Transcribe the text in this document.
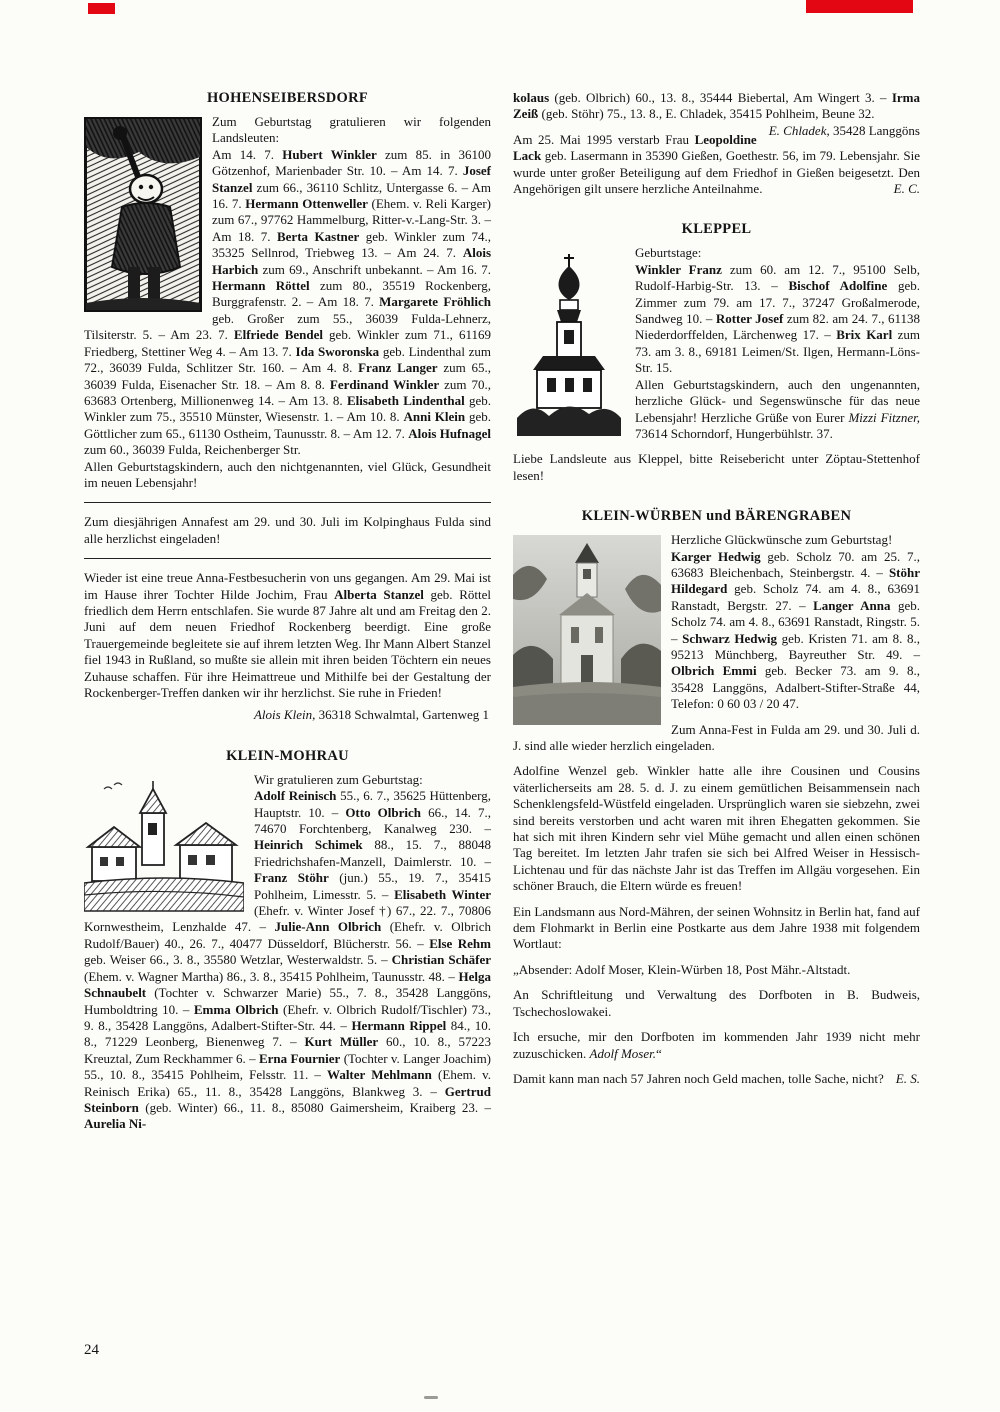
HOHENSEIBERSDORF
Zum Geburtstag gratulieren wir folgenden Landsleuten:
Am 14. 7. Hubert Winkler zum 85. in 36100 Götzenhof, Marienbader Str. 10. – Am 14. 7. Josef Stanzel zum 66., 36110 Schlitz, Untergasse 6. – Am 16. 7. Hermann Ottenweller (Ehem. v. Reli Karger) zum 67., 97762 Hammelburg, Ritter-v.-Lang-Str. 3. – Am 18. 7. Berta Kastner geb. Winkler zum 74., 35325 Sellnrod, Triebweg 13. – Am 24. 7. Alois Harbich zum 69., Anschrift unbekannt. – Am 16. 7. Hermann Röttel zum 80., 35519 Rockenberg, Burggrafenstr. 2. – Am 18. 7. Margarete Fröhlich geb. Großer zum 55., 36039 Fulda-Lehnerz, Tilsiterstr. 5. – Am 23. 7. Elfriede Bendel geb. Winkler zum 71., 61169 Friedberg, Stettiner Weg 4. – Am 13. 7. Ida Sworonska geb. Lindenthal zum 72., 36039 Fulda, Schlitzer Str. 160. – Am 4. 8. Franz Langer zum 65., 36039 Fulda, Eisenacher Str. 18. – Am 8. 8. Ferdinand Winkler zum 70., 63683 Ortenberg, Millionenweg 14. – Am 13. 8. Elisabeth Lindenthal geb. Winkler zum 75., 35510 Münster, Wiesenstr. 1. – Am 10. 8. Anni Klein geb. Göttlicher zum 65., 61130 Ostheim, Taunusstr. 8. – Am 12. 7. Alois Hufnagel zum 60., 36039 Fulda, Reichenberger Str.
Allen Geburtstagskindern, auch den nichtgenannten, viel Glück, Gesundheit im neuen Lebensjahr!
Zum diesjährigen Annafest am 29. und 30. Juli im Kolpinghaus Fulda sind alle herzlichst eingeladen!
Wieder ist eine treue Anna-Festbesucherin von uns gegangen. Am 29. Mai ist im Hause ihrer Tochter Hilde Jochim, Frau Alberta Stanzel geb. Röttel friedlich dem Herrn entschlafen. Sie wurde 87 Jahre alt und am Freitag den 2. Juni auf dem neuen Friedhof Rockenberg beerdigt. Eine große Trauergemeinde begleitete sie auf ihrem letzten Weg. Ihr Mann Albert Stanzel fiel 1943 in Rußland, so mußte sie allein mit ihren beiden Töchtern ein neues Zuhause schaffen. Für ihre Heimattreue und Mithilfe bei der Gestaltung der Rockenberger-Treffen danken wir ihr herzlichst. Sie ruhe in Frieden!
Alois Klein, 36318 Schwalmtal, Gartenweg 1
KLEIN-MOHRAU
Wir gratulieren zum Geburtstag:
Adolf Reinisch 55., 6. 7., 35625 Hüttenberg, Hauptstr. 10. – Otto Olbrich 66., 14. 7., 74670 Forchtenberg, Kanalweg 230. – Heinrich Schimek 88., 15. 7., 88048 Friedrichshafen-Manzell, Daimlerstr. 10. – Franz Stöhr (jun.) 55., 19. 7., 35415 Pohlheim, Limesstr. 5. – Elisabeth Winter (Ehefr. v. Winter Josef †) 67., 22. 7., 70806 Kornwestheim, Lenzhalde 47. – Julie-Ann Olbrich (Ehefr. v. Olbrich Rudolf/Bauer) 40., 26. 7., 40477 Düsseldorf, Blücherstr. 56. – Else Rehm geb. Weiser 66., 3. 8., 35580 Wetzlar, Westerwaldstr. 5. – Christian Schäfer (Ehem. v. Wagner Martha) 86., 3. 8., 35415 Pohlheim, Taunusstr. 48. – Helga Schnaubelt (Tochter v. Schwarzer Marie) 55., 7. 8., 35428 Langgöns, Humboldtring 10. – Emma Olbrich (Ehefr. v. Olbrich Rudolf/Tischler) 73., 9. 8., 35428 Langgöns, Adalbert-Stifter-Str. 44. – Hermann Rippel 84., 10. 8., 71229 Leonberg, Bienenweg 7. – Kurt Müller 60., 10. 8., 57223 Kreuztal, Zum Reckhammer 6. – Erna Fournier (Tochter v. Langer Joachim) 55., 10. 8., 35415 Pohlheim, Felsstr. 11. – Walter Mehlmann (Ehem. v. Reinisch Erika) 65., 11. 8., 35428 Langgöns, Blankweg 3. – Gertrud Steinborn (geb. Winter) 66., 11. 8., 85080 Gaimersheim, Kraiberg 23. – Aurelia Ni-
kolaus (geb. Olbrich) 60., 13. 8., 35444 Biebertal, Am Wingert 3. – Irma Zeiß (geb. Stöhr) 75., 13. 8., E. Chladek, 35415 Pohlheim, Beune 32.
E. Chladek, 35428 Langgöns
Am 25. Mai 1995 verstarb Frau Leopoldine Lack geb. Lasermann in 35390 Gießen, Goethestr. 56, im 79. Lebensjahr. Sie wurde unter großer Beteiligung auf dem Friedhof in Gießen beigesetzt. Den Angehörigen gilt unsere herzliche Anteilnahme.	E. C.
KLEPPEL
Geburtstage:
Winkler Franz zum 60. am 12. 7., 95100 Selb, Rudolf-Harbig-Str. 13. – Bischof Adolfine geb. Zimmer zum 79. am 17. 7., 37247 Großalmerode, Sandweg 10. – Rotter Josef zum 82. am 24. 7., 61138 Niederdorffelden, Lärchenweg 17. – Brix Karl zum 73. am 3. 8., 69181 Leimen/St. Ilgen, Hermann-Löns-Str. 15.
Allen Geburtstagskindern, auch den ungenannten, herzliche Glück- und Segenswünsche für das neue Lebensjahr! Herzliche Grüße von Eurer Mizzi Fitzner, 73614 Schorndorf, Hungerbühlstr. 37.
Liebe Landsleute aus Kleppel, bitte Reisebericht unter Zöptau-Stettenhof lesen!
KLEIN-WÜRBEN und BÄRENGRABEN
Herzliche Glückwünsche zum Geburtstag!
Karger Hedwig geb. Scholz 70. am 25. 7., 63683 Bleichenbach, Steinbergstr. 4. – Stöhr Hildegard geb. Scholz 74. am 4. 8., 63691 Ranstadt, Bergstr. 27. – Langer Anna geb. Scholz 74. am 4. 8., 63691 Ranstadt, Ringstr. 5. – Schwarz Hedwig geb. Kristen 71. am 8. 8., 95213 Münchberg, Bayreuther Str. 49. – Olbrich Emmi geb. Becker 73. am 9. 8., 35428 Langgöns, Adalbert-Stifter-Straße 44, Telefon: 0 60 03 / 20 47.
Zum Anna-Fest in Fulda am 29. und 30. Juli d. J. sind alle wieder herzlich eingeladen.
Adolfine Wenzel geb. Winkler hatte alle ihre Cousinen und Cousins väterlicherseits am 28. 5. d. J. zu einem gemütlichen Beisammensein nach Schenklengsfeld-Wüstfeld eingeladen. Ursprünglich waren sie siebzehn, zwei sind bereits verstorben und acht waren mit ihren Ehegatten gekommen. Sie hat sich mit ihren Kindern sehr viel Mühe gemacht und allen einen schönen Tag bereitet. Im letzten Jahr trafen sie sich bei Alfred Weiser in Hessisch-Lichtenau und für das nächste Jahr ist das Treffen im Allgäu vorgesehen. Ein schöner Brauch, die Eltern würde es freuen!
Ein Landsmann aus Nord-Mähren, der seinen Wohnsitz in Berlin hat, fand auf dem Flohmarkt in Berlin eine Postkarte aus dem Jahre 1938 mit folgendem Wortlaut:
„Absender: Adolf Moser, Klein-Würben 18, Post Mähr.-Altstadt.
An Schriftleitung und Verwaltung des Dorfboten in B. Budweis, Tschechoslowakei.
Ich ersuche, mir den Dorfboten im kommenden Jahr 1939 nicht mehr zuzuschicken. Adolf Moser.“
Damit kann man nach 57 Jahren noch Geld machen, tolle Sache, nicht? E. S.
24
